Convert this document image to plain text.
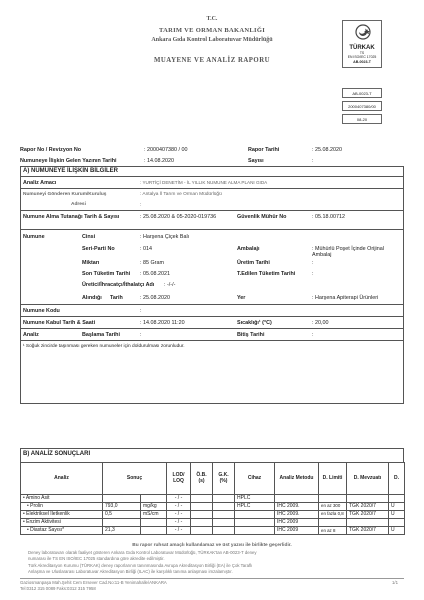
T.C.
TARIM VE ORMAN BAKANLIĞI
Ankara Gıda Kontrol Laboratuvar Müdürlüğü
MUAYENE VE ANALİZ RAPORU
TÜRKAK
TS
EN ISO/IEC 17025
AB-0023-T
AB-0023-T
2000407380/00
08-20
Rapor No / Revizyon No	: 2000407380 / 00	Rapor Tarihi	: 25.08.2020
Numuneye İlişkin Gelen Yazının Tarihi	: 14.08.2020	Sayısı	:
A) NUMUNEYE İLİŞKİN BİLGİLER
Analiz Amacı	: YURTİÇİ DENETİM - İL YILLIK NUMUNE ALMA PLANI GIDA
Numuneyi Gönderen Kurum/Kuruluş	: Antalya İl Tarım ve Orman Müdürlüğü
Adresi	:
Numune Alma Tutanağı Tarih & Sayısı	: 25.08.2020 & 05-2020-019736	Güvenlik Mühür No	: 05.18.00712
Numune	Cinsi	: Harşena Çiçek Balı
Seri-Parti No	: 014	Ambalajı	: Mühürlü Poşet İçinde Orijinal Ambalaj
Miktarı	: 85 Gram	Üretim Tarihi	:
Son Tüketim Tarihi : 05.08.2021	T.Edilen Tüketim Tarihi	:
Üretici/İhracatçı/İthalatçı Adı : -/-/-
Alındığı Tarih	: 25.08.2020	Yer	: Harşena Apiterapi Ürünleri
Numune Kodu	:
Numune Kabul Tarih & Saati	: 14.08.2020 11:20	Sıcaklığı¹ (°C)	: 20,00
Analiz	Başlama Tarihi	:	Bitiş Tarihi	:
¹ Soğuk zincirde taşınması gereken numuneler için doldurulması zorunludur.
B) ANALİZ SONUÇLARI
Analiz	Sonuç		LOD/ LOQ	Ö.B. (s)	G.K. (%)	Cihaz	Analiz Metodu	D. Limiti	D. Mevzuatı	D.
• Amino Asit			- / -			HPLC				
• Prolin	793,0	mg/kg	- / -			HPLC	IHC 2009.	en az 300	TGK 2020/7	U
• Elektriksel İletkenlik	0,5	mS/cm	- / -				IHC 2009.	en fazla 0,8	TGK 2020/7	U
• Enzim Aktivitesi			- / -				IHC 2009			
• Diastaz Sayısı*	21,3		- / -				IHC 2009	en az 8	TGK 2020/7	U
Bu rapor ruhsat amaçlı kullanılamaz ve üst yazısı ile birlikte geçerlidir.
Deney laboratuvarı olarak faaliyet gösteren Ankara Gıda Kontrol Laboratuvar Müdürlüğü, TÜRKAK'tan AB-0023-T deney
numarası ile TS EN ISO/IEC 17025 standardına göre akredite edilmiştir.
Türk Akreditasyon Kurumu (TÜRKAK) deney raporlarının tanınmasında Avrupa Akreditasyon Birliği (EA) ile Çok Taraflı
Anlaşma ve Uluslararası Laboratuvar Akreditasyon Birliği (ILAC) ile karşılıklı tanıma anlaşması imzalamıştır.
Gaziosmanpaşa Mah.Şehit Cem Ersever Cad.No:11-B Yenimahalle/ANKARA
Tel:0312 315 0089 Faks:0312 315 7958
1/1
